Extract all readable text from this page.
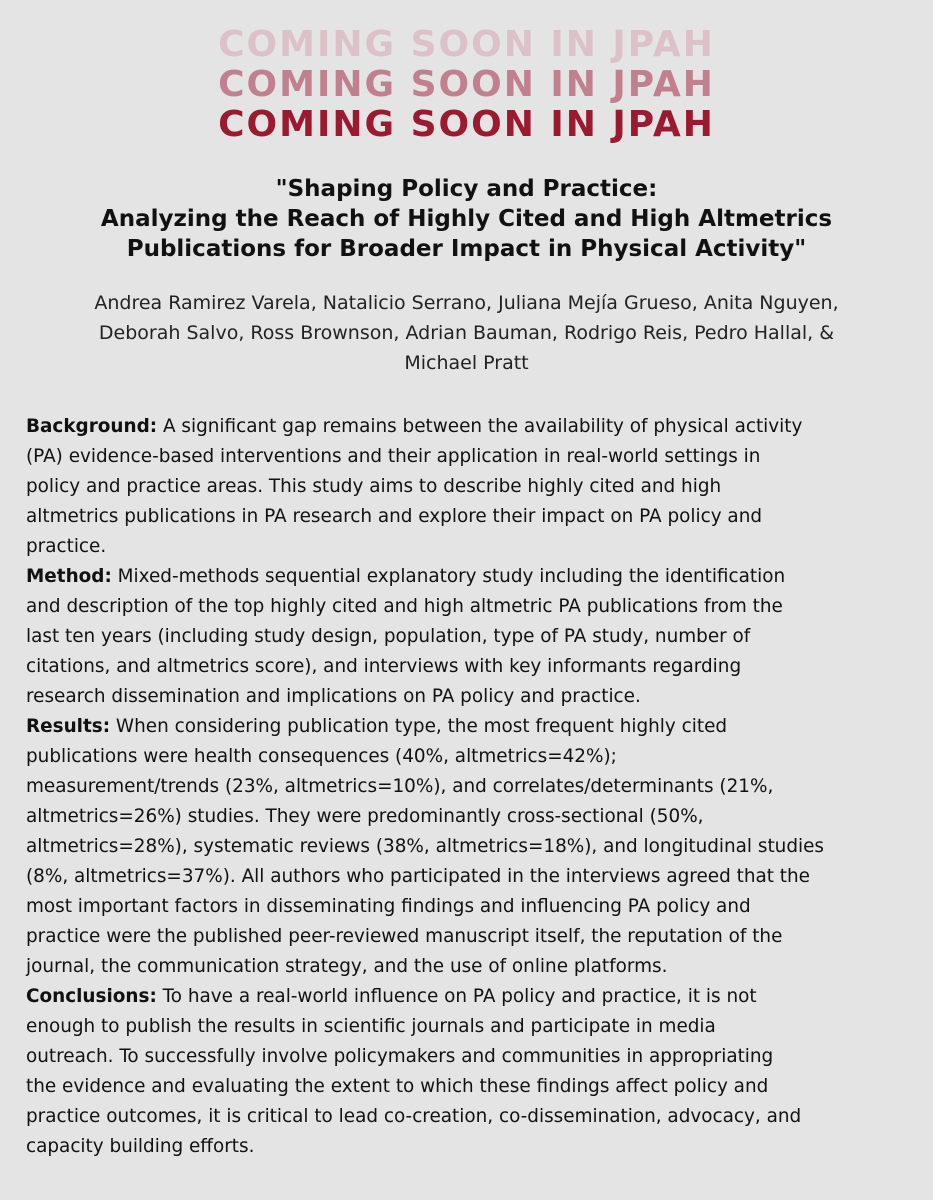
COMING SOON IN JPAH
COMING SOON IN JPAH
COMING SOON IN JPAH
"Shaping Policy and Practice:
Analyzing the Reach of Highly Cited and High Altmetrics
Publications for Broader Impact in Physical Activity"
Andrea Ramirez Varela, Natalicio Serrano, Juliana Mejía Grueso, Anita Nguyen,
Deborah Salvo, Ross Brownson, Adrian Bauman, Rodrigo Reis, Pedro Hallal, &
Michael Pratt
Background: A significant gap remains between the availability of physical activity
(PA) evidence-based interventions and their application in real-world settings in
policy and practice areas. This study aims to describe highly cited and high
altmetrics publications in PA research and explore their impact on PA policy and
practice.
Method: Mixed-methods sequential explanatory study including the identification
and description of the top highly cited and high altmetric PA publications from the
last ten years (including study design, population, type of PA study, number of
citations, and altmetrics score), and interviews with key informants regarding
research dissemination and implications on PA policy and practice.
Results: When considering publication type, the most frequent highly cited
publications were health consequences (40%, altmetrics=42%);
measurement/trends (23%, altmetrics=10%), and correlates/determinants (21%,
altmetrics=26%) studies. They were predominantly cross-sectional (50%,
altmetrics=28%), systematic reviews (38%, altmetrics=18%), and longitudinal studies
(8%, altmetrics=37%). All authors who participated in the interviews agreed that the
most important factors in disseminating findings and influencing PA policy and
practice were the published peer-reviewed manuscript itself, the reputation of the
journal, the communication strategy, and the use of online platforms.
Conclusions: To have a real-world influence on PA policy and practice, it is not
enough to publish the results in scientific journals and participate in media
outreach. To successfully involve policymakers and communities in appropriating
the evidence and evaluating the extent to which these findings affect policy and
practice outcomes, it is critical to lead co-creation, co-dissemination, advocacy, and
capacity building efforts.
